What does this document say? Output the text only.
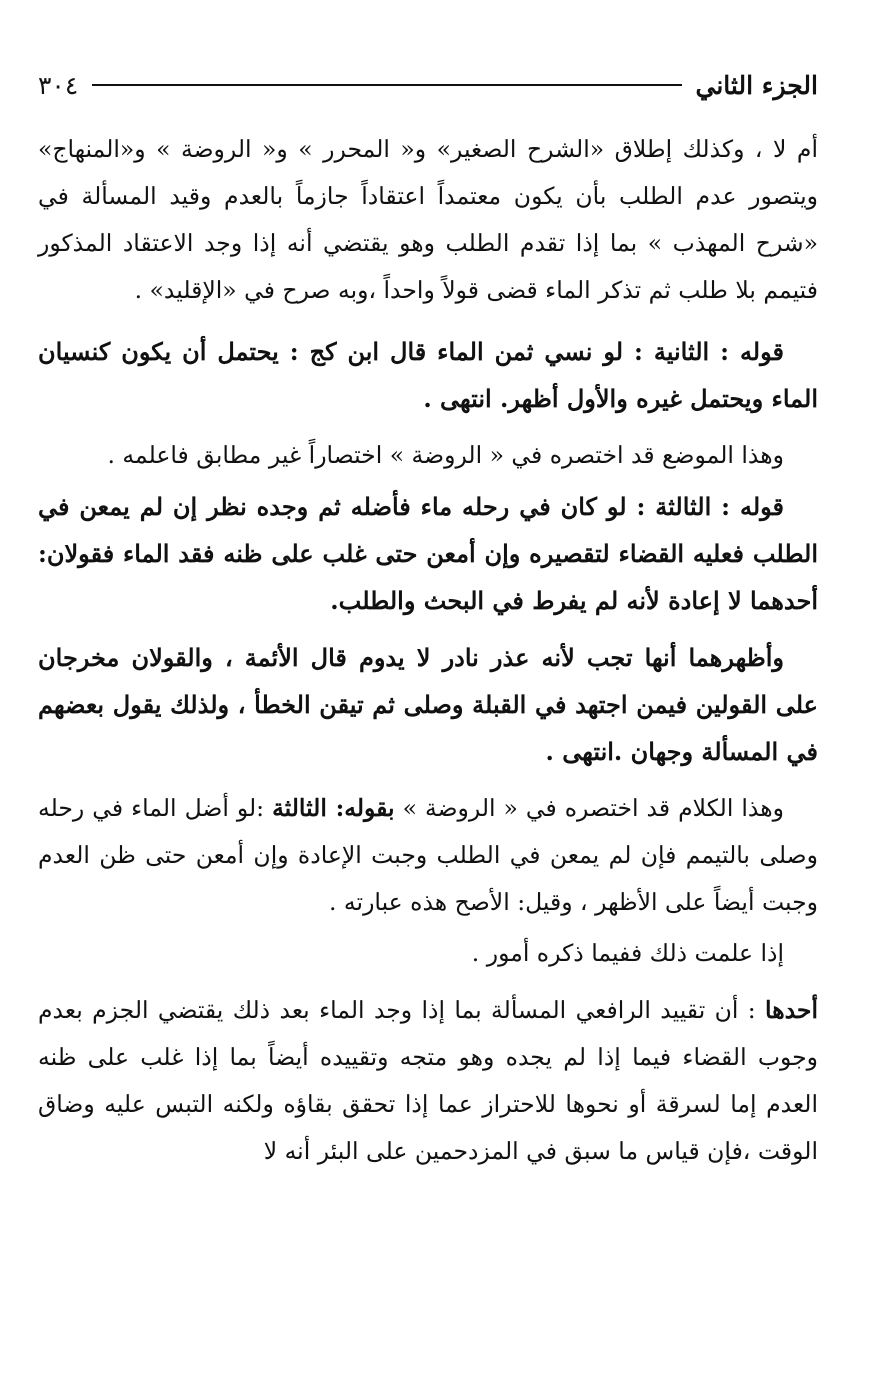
الجزء الثاني
٣٠٤

أم لا ، وكذلك إطلاق «الشرح الصغير» و« المحرر » و« الروضة » و«المنهاج» ويتصور عدم الطلب بأن يكون معتمداً اعتقاداً جازماً بالعدم وقيد المسألة في «شرح المهذب » بما إذا تقدم الطلب وهو يقتضي أنه إذا وجد الاعتقاد المذكور فتيمم بلا طلب ثم تذكر الماء قضى قولاً واحداً ،وبه صرح في «الإقليد» .

قوله : الثانية : لو نسي ثمن الماء قال ابن كج : يحتمل أن يكون كنسيان الماء ويحتمل غيره والأول أظهر. انتهى .

وهذا الموضع قد اختصره في « الروضة » اختصاراً غير مطابق فاعلمه .

قوله : الثالثة : لو كان في رحله ماء فأضله ثم وجده نظر إن لم يمعن في الطلب فعليه القضاء لتقصيره وإن أمعن حتى غلب على ظنه فقد الماء فقولان: أحدهما لا إعادة لأنه لم يفرط في البحث والطلب.

وأظهرهما أنها تجب لأنه عذر نادر لا يدوم قال الأئمة ، والقولان مخرجان على القولين فيمن اجتهد في القبلة وصلى ثم تيقن الخطأ ، ولذلك يقول بعضهم في المسألة وجهان .انتهى .

وهذا الكلام قد اختصره في « الروضة » بقوله: الثالثة :لو أضل الماء في رحله وصلى بالتيمم فإن لم يمعن في الطلب وجبت الإعادة وإن أمعن حتى ظن العدم وجبت أيضاً على الأظهر ، وقيل: الأصح هذه عبارته .

إذا علمت ذلك ففيما ذكره أمور .

أحدها : أن تقييد الرافعي المسألة بما إذا وجد الماء بعد ذلك يقتضي الجزم بعدم وجوب القضاء فيما إذا لم يجده وهو متجه وتقييده أيضاً بما إذا غلب على ظنه العدم إما لسرقة أو نحوها للاحتراز عما إذا تحقق بقاؤه ولكنه التبس عليه وضاق الوقت ،فإن قياس ما سبق في المزدحمين على البئر أنه لا
